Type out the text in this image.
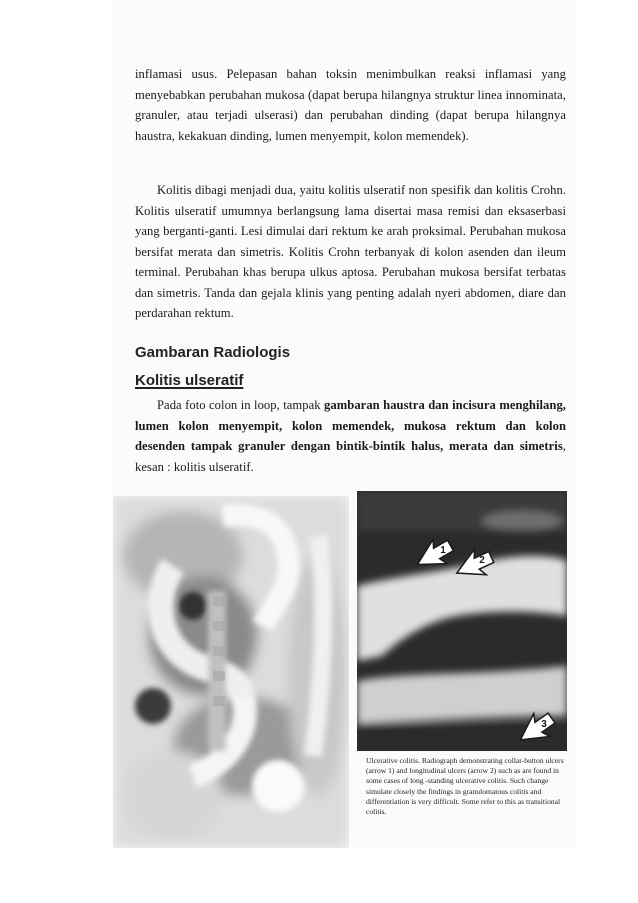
inflamasi usus. Pelepasan bahan toksin menimbulkan reaksi inflamasi yang menyebabkan perubahan mukosa (dapat berupa hilangnya struktur linea innominata, granuler, atau terjadi ulserasi) dan perubahan dinding (dapat berupa hilangnya haustra, kekakuan dinding, lumen menyempit, kolon memendek).
Kolitis dibagi menjadi dua, yaitu kolitis ulseratif non spesifik dan kolitis Crohn. Kolitis ulseratif umumnya berlangsung lama disertai masa remisi dan eksaserbasi yang berganti-ganti. Lesi dimulai dari rektum ke arah proksimal. Perubahan mukosa bersifat merata dan simetris. Kolitis Crohn terbanyak di kolon asenden dan ileum terminal. Perubahan khas berupa ulkus aptosa. Perubahan mukosa bersifat terbatas dan simetris. Tanda dan gejala klinis yang penting adalah nyeri abdomen, diare dan perdarahan rektum.
Gambaran Radiologis
Kolitis ulseratif
Pada foto colon in loop, tampak gambaran haustra dan incisura menghilang, lumen kolon menyempit, kolon memendek, mukosa rektum dan kolon desenden tampak granuler dengan bintik-bintik halus, merata dan simetris, kesan : kolitis ulseratif.
1
2
3
Ulcerative colitis. Radiograph demonstrating collar-button ulcers (arrow 1) and longitudinal ulcers (arrow 2) such as are found in some cases of long -standing ulcerative colitis. Such change simulate closely the findings in granulomatous colitis and differentiation is very difficult. Some refer to this as transitional colitis.
